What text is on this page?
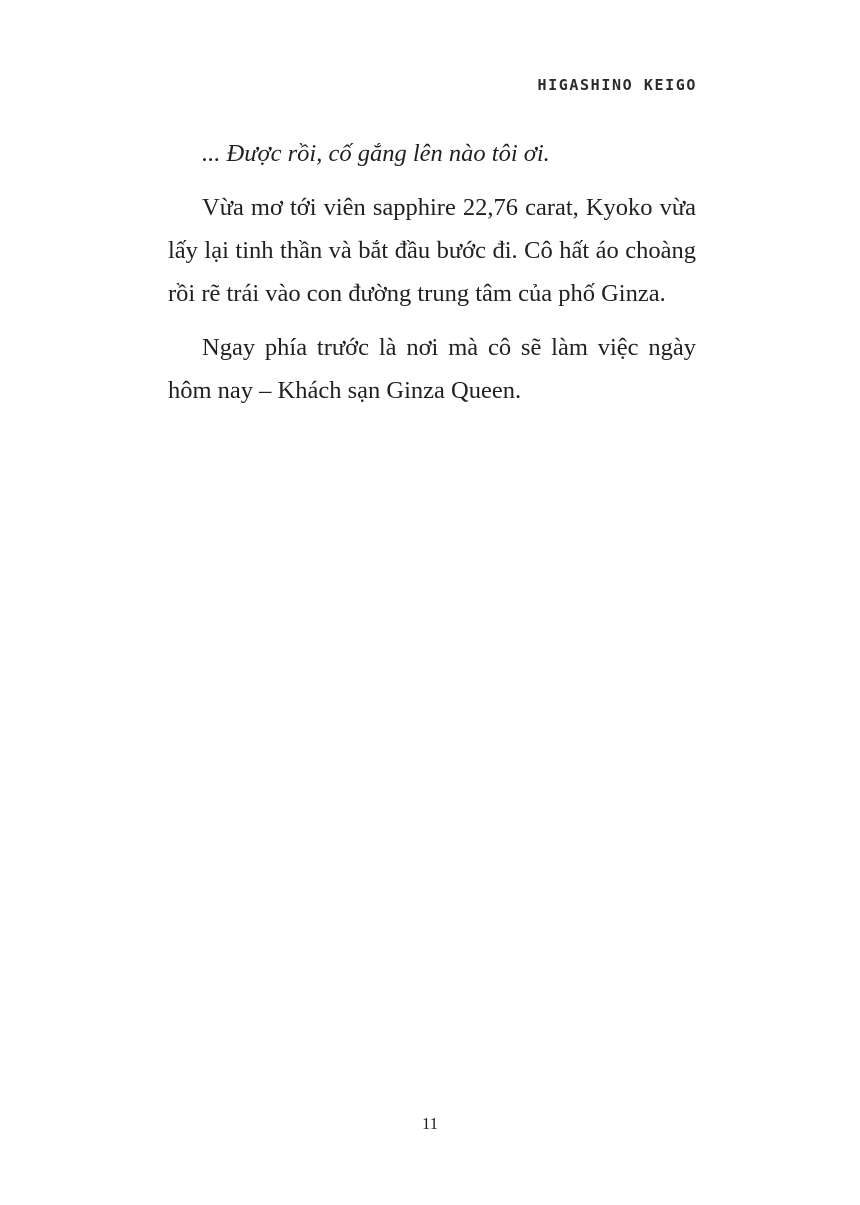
HIGASHINO KEIGO

... Được rồi, cố gắng lên nào tôi ơi.

Vừa mơ tới viên sapphire 22,76 carat, Kyoko vừa lấy lại tinh thần và bắt đầu bước đi. Cô hất áo choàng rồi rẽ trái vào con đường trung tâm của phố Ginza.

Ngay phía trước là nơi mà cô sẽ làm việc ngày hôm nay – Khách sạn Ginza Queen.

11
